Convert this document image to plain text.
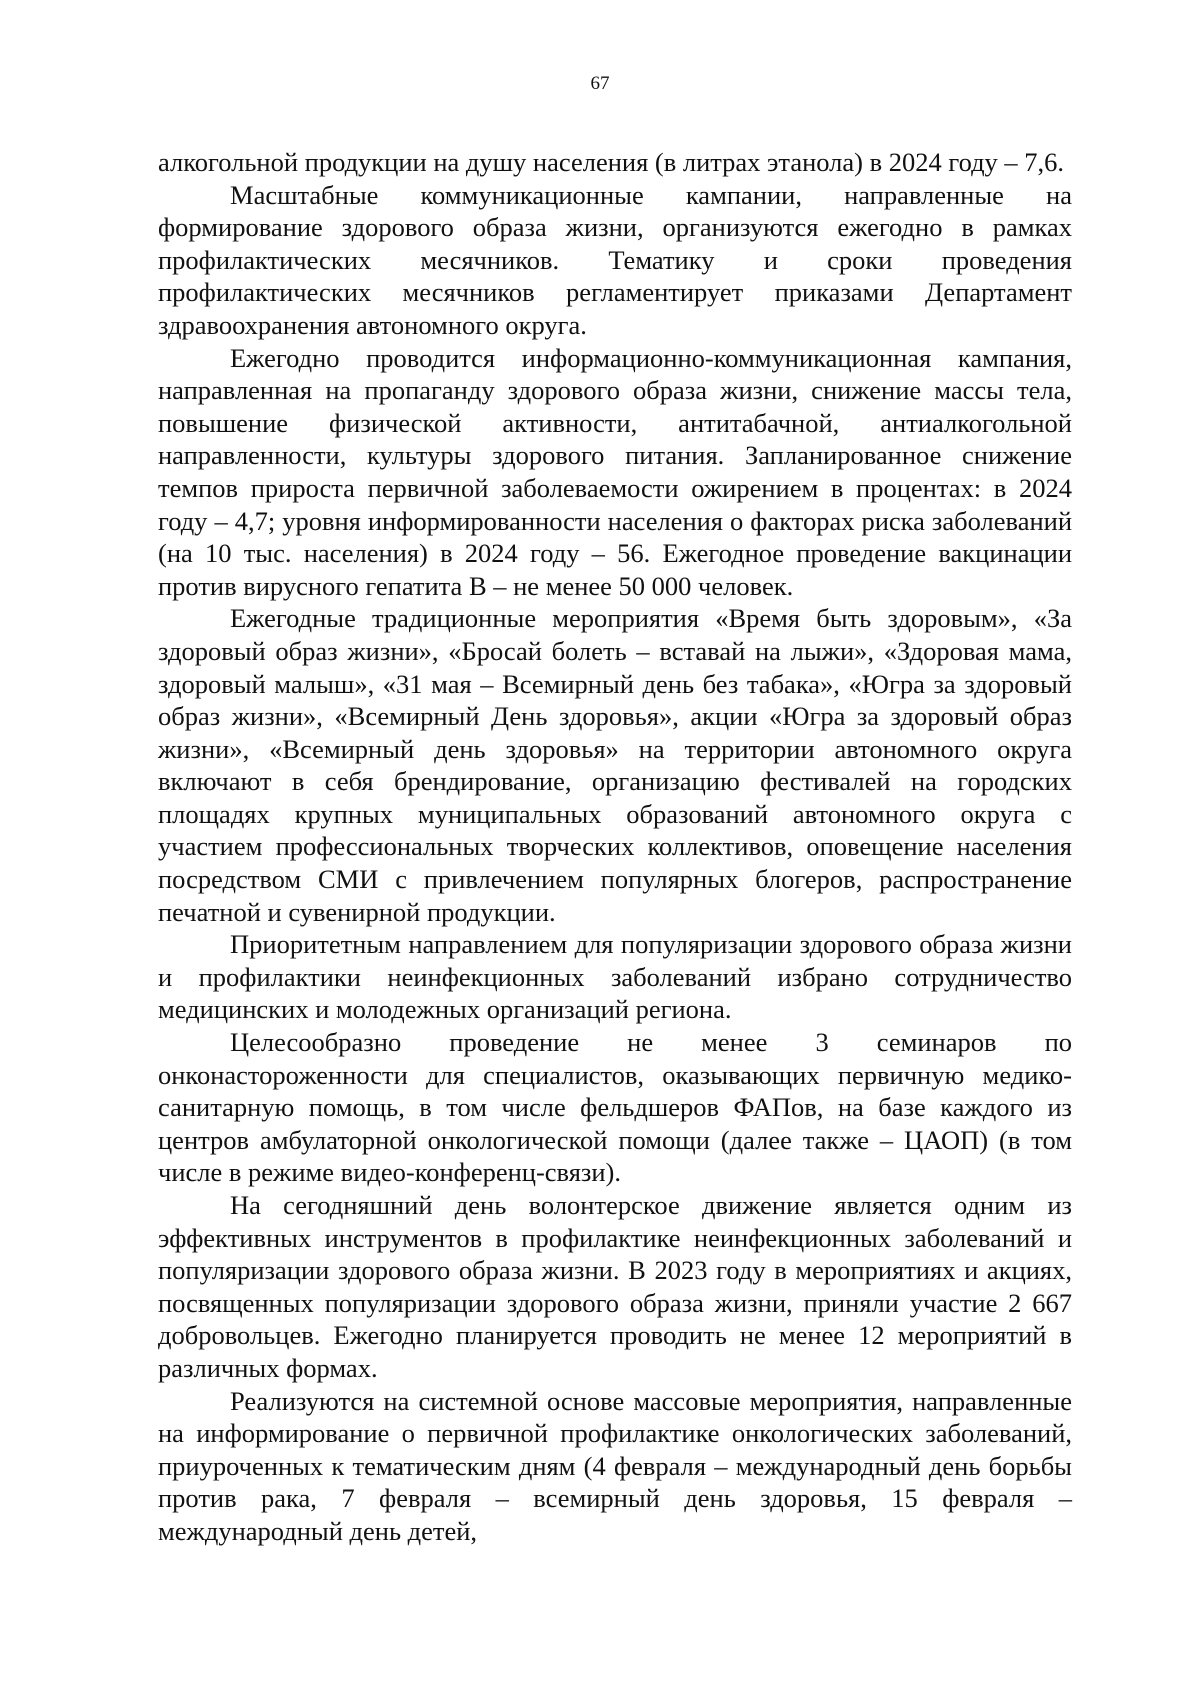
67

алкогольной продукции на душу населения (в литрах этанола) в 2024 году – 7,6.

Масштабные коммуникационные кампании, направленные на формирование здорового образа жизни, организуются ежегодно в рамках профилактических месячников. Тематику и сроки проведения профилактических месячников регламентирует приказами Департамент здравоохранения автономного округа.

Ежегодно проводится информационно-коммуникационная кампания, направленная на пропаганду здорового образа жизни, снижение массы тела, повышение физической активности, антитабачной, антиалкогольной направленности, культуры здорового питания. Запланированное снижение темпов прироста первичной заболеваемости ожирением в процентах: в 2024 году – 4,7; уровня информированности населения о факторах риска заболеваний (на 10 тыс. населения) в 2024 году – 56. Ежегодное проведение вакцинации против вирусного гепатита В – не менее 50 000 человек.

Ежегодные традиционные мероприятия «Время быть здоровым», «За здоровый образ жизни», «Бросай болеть – вставай на лыжи», «Здоровая мама, здоровый малыш», «31 мая – Всемирный день без табака», «Югра за здоровый образ жизни», «Всемирный День здоровья», акции «Югра за здоровый образ жизни», «Всемирный день здоровья» на территории автономного округа включают в себя брендирование, организацию фестивалей на городских площадях крупных муниципальных образований автономного округа с участием профессиональных творческих коллективов, оповещение населения посредством СМИ с привлечением популярных блогеров, распространение печатной и сувенирной продукции.

Приоритетным направлением для популяризации здорового образа жизни и профилактики неинфекционных заболеваний избрано сотрудничество медицинских и молодежных организаций региона.

Целесообразно проведение не менее 3 семинаров по онконастороженности для специалистов, оказывающих первичную медико-санитарную помощь, в том числе фельдшеров ФАПов, на базе каждого из центров амбулаторной онкологической помощи (далее также – ЦАОП) (в том числе в режиме видео-конференц-связи).

На сегодняшний день волонтерское движение является одним из эффективных инструментов в профилактике неинфекционных заболеваний и популяризации здорового образа жизни. В 2023 году в мероприятиях и акциях, посвященных популяризации здорового образа жизни, приняли участие 2 667 добровольцев. Ежегодно планируется проводить не менее 12 мероприятий в различных формах.

Реализуются на системной основе массовые мероприятия, направленные на информирование о первичной профилактике онкологических заболеваний, приуроченных к тематическим дням (4 февраля – международный день борьбы против рака, 7 февраля – всемирный день здоровья, 15 февраля – международный день детей,
